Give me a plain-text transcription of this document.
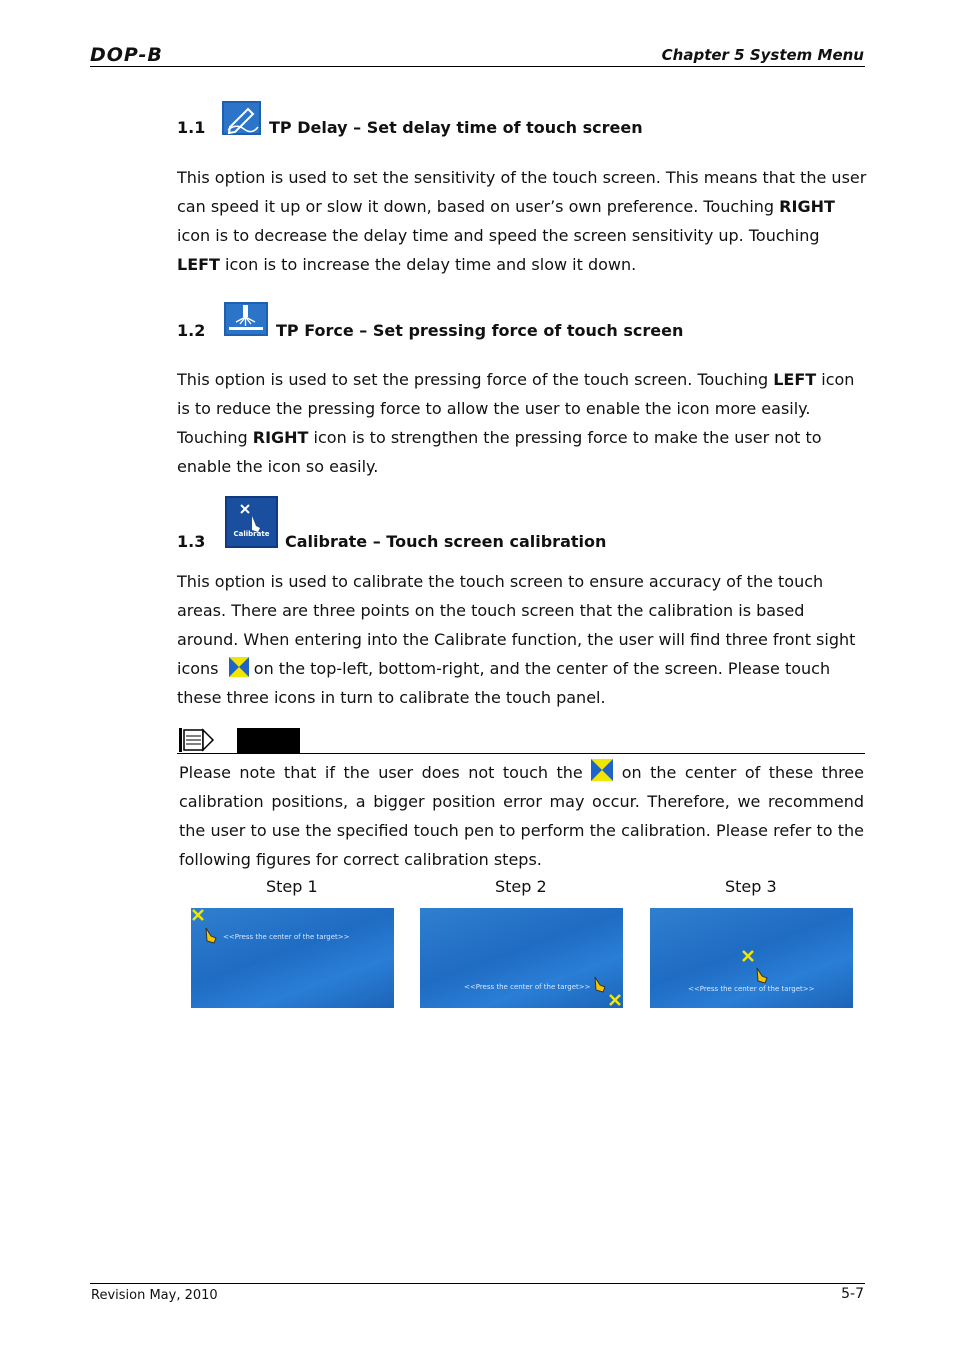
DOP-B	Chapter 5 System Menu
1.1	TP Delay – Set delay time of touch screen
This option is used to set the sensitivity of the touch screen. This means that the user can speed it up or slow it down, based on user’s own preference. Touching RIGHT icon is to decrease the delay time and speed the screen sensitivity up. Touching LEFT icon is to increase the delay time and slow it down.
1.2	TP Force – Set pressing force of touch screen
This option is used to set the pressing force of the touch screen. Touching LEFT icon is to reduce the pressing force to allow the user to enable the icon more easily. Touching RIGHT icon is to strengthen the pressing force to make the user not to enable the icon so easily.
1.3	Calibrate Calibrate – Touch screen calibration
This option is used to calibrate the touch screen to ensure accuracy of the touch areas. There are three points on the touch screen that the calibration is based around. When entering into the Calibrate function, the user will find three front sight icons on the top-left, bottom-right, and the center of the screen. Please touch these three icons in turn to calibrate the touch panel.
Please note that if the user does not touch the on the center of these three calibration positions, a bigger position error may occur. Therefore, we recommend the user to use the specified touch pen to perform the calibration. Please refer to the following figures for correct calibration steps.
Step 1	Step 2	Step 3
<<Press the center of the target>>
<<Press the center of the target>>	<<Press the center of the target>>
Revision May, 2010	5-7
